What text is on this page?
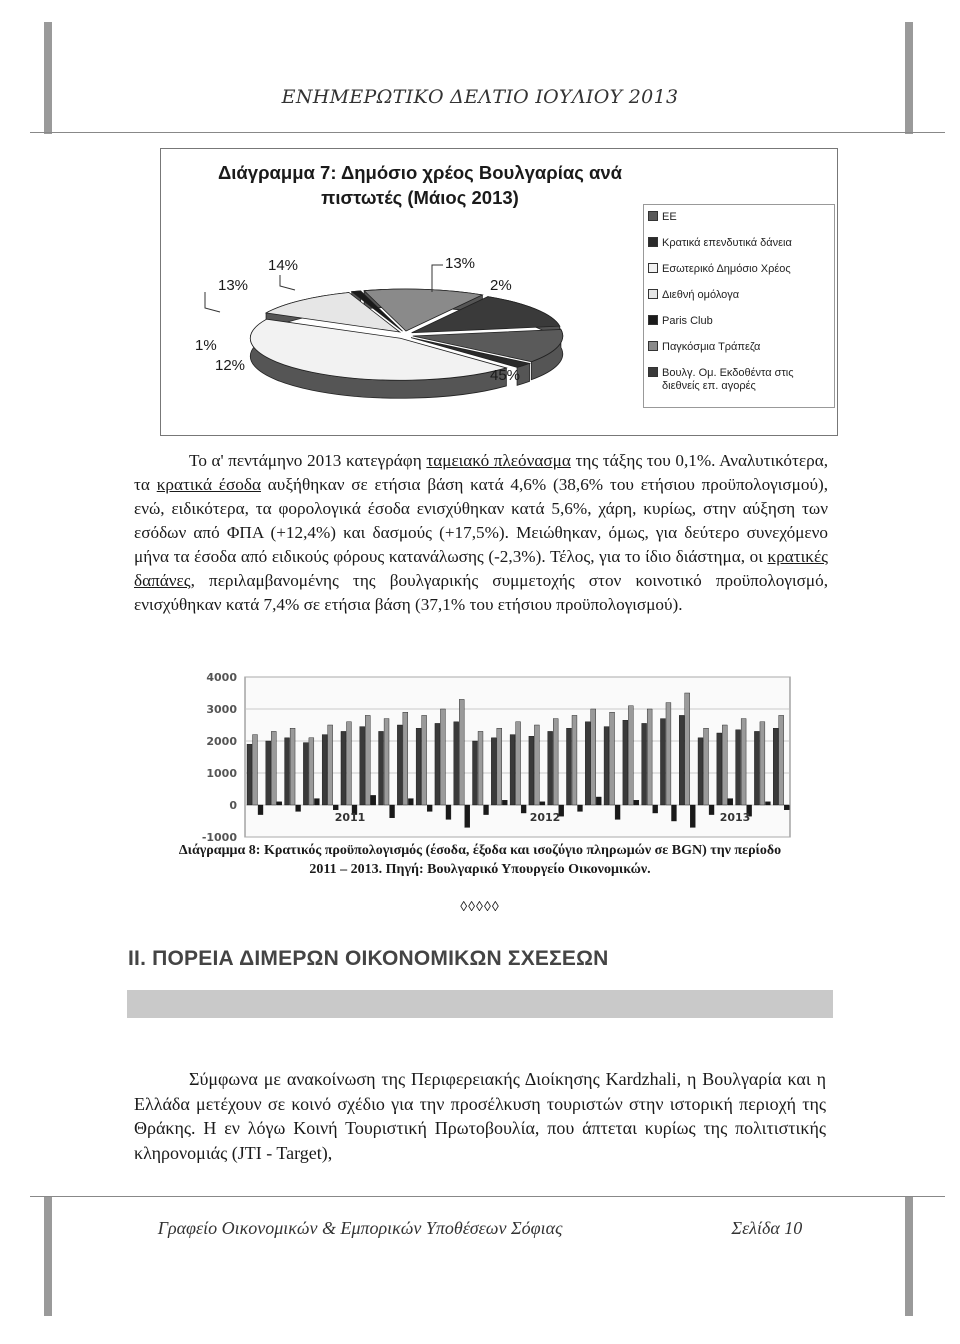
ΕΝΗΜΕΡΩΤΙΚΟ ΔΕΛΤΙΟ ΙΟΥΛΙΟΥ 2013
Διάγραμμα 7: Δημόσιο χρέος Βουλγαρίας ανά
πιστωτές (Μάιος 2013)
13%	2%
45%
12%
1%
13%
14%
ΕΕ
Κρατικά επενδυτικά δάνεια
Εσωτερικό Δημόσιο Χρέος
Διεθνή ομόλογα
Paris Club
Παγκόσμια Τράπεζα
Βουλγ. Ομ. Εκδοθέντα στις διεθνείς επ. αγορές

Το α' πεντάμηνο 2013 κατεγράφη ταμειακό πλεόνασμα της τάξης του 0,1%. Αναλυτικότερα, τα κρατικά έσοδα αυξήθηκαν σε ετήσια βάση κατά 4,6% (38,6% του ετήσιου προϋπολογισμού), ενώ, ειδικότερα, τα φορολογικά έσοδα ενισχύθηκαν κατά 5,6%, χάρη, κυρίως, στην αύξηση των εσόδων από ΦΠΑ (+12,4%) και δασμούς (+17,5%). Μειώθηκαν, όμως, για δεύτερο συνεχόμενο μήνα τα έσοδα από ειδικούς φόρους κατανάλωσης (-2,3%). Τέλος, για το ίδιο διάστημα, οι κρατικές δαπάνες, περιλαμβανομένης της βουλγαρικής συμμετοχής στον κοινοτικό προϋπολογισμό, ενισχύθηκαν κατά 7,4% σε ετήσια βάση (37,1% του ετήσιου προϋπολογισμού).

4000
3000
2000
1000
0
-1000
2011	2012	2013
Διάγραμμα 8: Κρατικός προϋπολογισμός (έσοδα, έξοδα και ισοζύγιο πληρωμών σε BGN) την περίοδο
2011 – 2013. Πηγή: Βουλγαρικό Υπουργείο Οικονομικών.
◊◊◊◊◊
II. ΠΟΡΕΙΑ ΔΙΜΕΡΩΝ ΟΙΚΟΝΟΜΙΚΩΝ ΣΧΕΣΕΩΝ

Σύμφωνα με ανακοίνωση της Περιφερειακής Διοίκησης Kardzhali, η Βουλγαρία και η Ελλάδα μετέχουν σε κοινό σχέδιο για την προσέλκυση τουριστών στην ιστορική περιοχή της Θράκης. Η εν λόγω Κοινή Τουριστική Πρωτοβουλία, που άπτεται κυρίως της πολιτιστικής κληρονομιάς (JTI - Target),

Γραφείο Οικονομικών & Εμπορικών Υποθέσεων Σόφιας	Σελίδα 10
